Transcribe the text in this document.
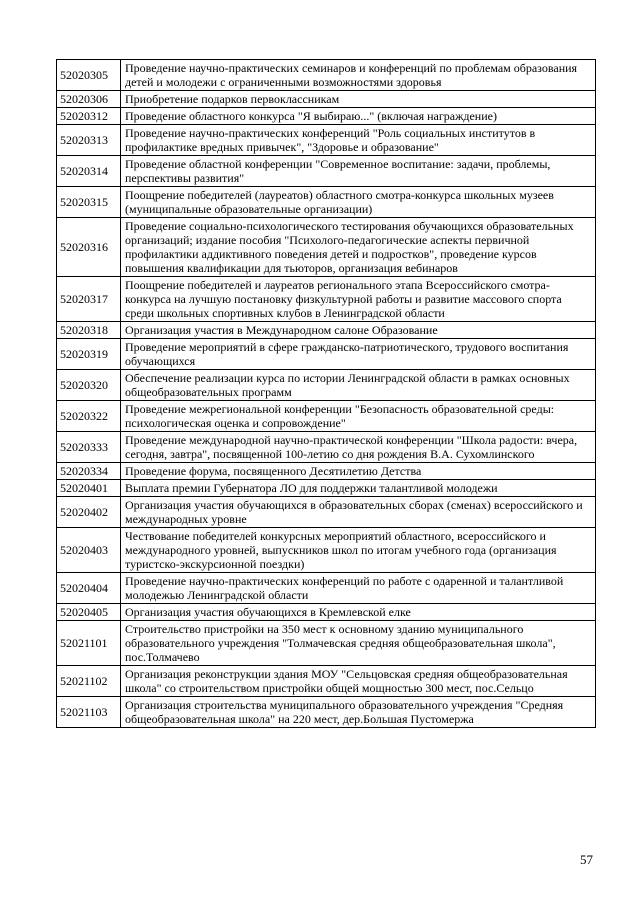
52020305	Проведение научно-практических семинаров и конференций по проблемам образования детей и молодежи с ограниченными возможностями здоровья
52020306	Приобретение подарков первоклассникам
52020312	Проведение областного конкурса "Я выбираю..." (включая награждение)
52020313	Проведение научно-практических конференций "Роль социальных институтов в профилактике вредных привычек", "Здоровье и образование"
52020314	Проведение областной конференции "Современное воспитание: задачи, проблемы, перспективы развития"
52020315	Поощрение победителей (лауреатов) областного смотра-конкурса школьных музеев (муниципальные образовательные организации)
52020316	Проведение социально-психологического тестирования обучающихся образовательных организаций; издание пособия "Психолого-педагогические аспекты первичной профилактики аддиктивного поведения детей и подростков", проведение курсов повышения квалификации для тьюторов, организация вебинаров
52020317	Поощрение победителей и лауреатов регионального этапа Всероссийского смотра-конкурса на лучшую постановку физкультурной работы и развитие массового спорта среди школьных спортивных клубов в Ленинградской области
52020318	Организация участия в Международном салоне Образование
52020319	Проведение мероприятий в сфере гражданско-патриотического, трудового воспитания обучающихся
52020320	Обеспечение реализации курса по истории Ленинградской области в рамках основных общеобразовательных программ
52020322	Проведение межрегиональной конференции "Безопасность образовательной среды: психологическая оценка и сопровождение"
52020333	Проведение международной научно-практической конференции "Школа радости: вчера, сегодня, завтра", посвященной 100-летию со дня рождения В.А. Сухомлинского
52020334	Проведение форума, посвященного Десятилетию Детства
52020401	Выплата премии Губернатора ЛО для поддержки талантливой молодежи
52020402	Организация участия обучающихся в образовательных сборах (сменах) всероссийского и международных уровне
52020403	Чествование победителей конкурсных мероприятий областного, всероссийского и международного уровней, выпускников школ по итогам учебного года (организация туристско-экскурсионной поездки)
52020404	Проведение научно-практических конференций по работе с одаренной и талантливой молодежью Ленинградской области
52020405	Организация участия обучающихся в Кремлевской елке
52021101	Строительство пристройки на 350 мест к основному зданию муниципального образовательного учреждения "Толмачевская средняя общеобразовательная школа", пос.Толмачево
52021102	Организация реконструкции здания МОУ "Сельцовская средняя общеобразовательная школа" со строительством пристройки общей мощностью 300 мест, пос.Сельцо
52021103	Организация строительства муниципального образовательного учреждения "Средняя общеобразовательная школа" на 220 мест, дер.Большая Пустомержа
57
